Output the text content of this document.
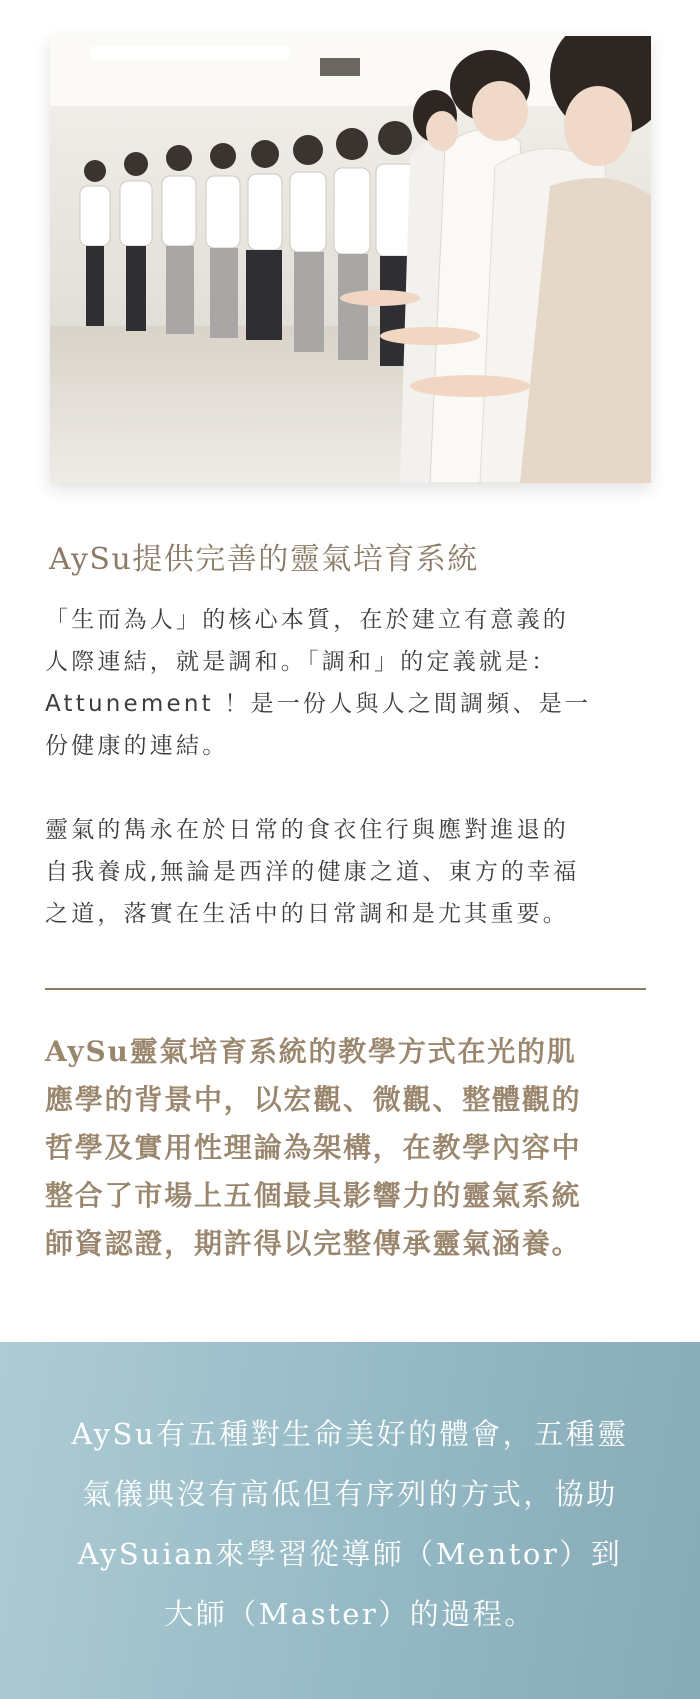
AySu提供完善的靈氣培育系統

「生而為人」的核心本質，在於建立有意義的

人際連結，就是調和。「調和」的定義就是：

Attunement ！是一份人與人之間調頻、是一

份健康的連結。

靈氣的雋永在於日常的食衣住行與應對進退的

自我養成,無論是西洋的健康之道、東方的幸福

之道，落實在生活中的日常調和是尤其重要。

AySu靈氣培育系統的教學方式在光的肌

應學的背景中，以宏觀、微觀、整體觀的

哲學及實用性理論為架構，在教學內容中

整合了市場上五個最具影響力的靈氣系統

師資認證，期許得以完整傳承靈氣涵養。

AySu有五種對生命美好的體會，五種靈

氣儀典沒有高低但有序列的方式，協助

AySuian來學習從導師（Mentor）到

大師（Master）的過程。
